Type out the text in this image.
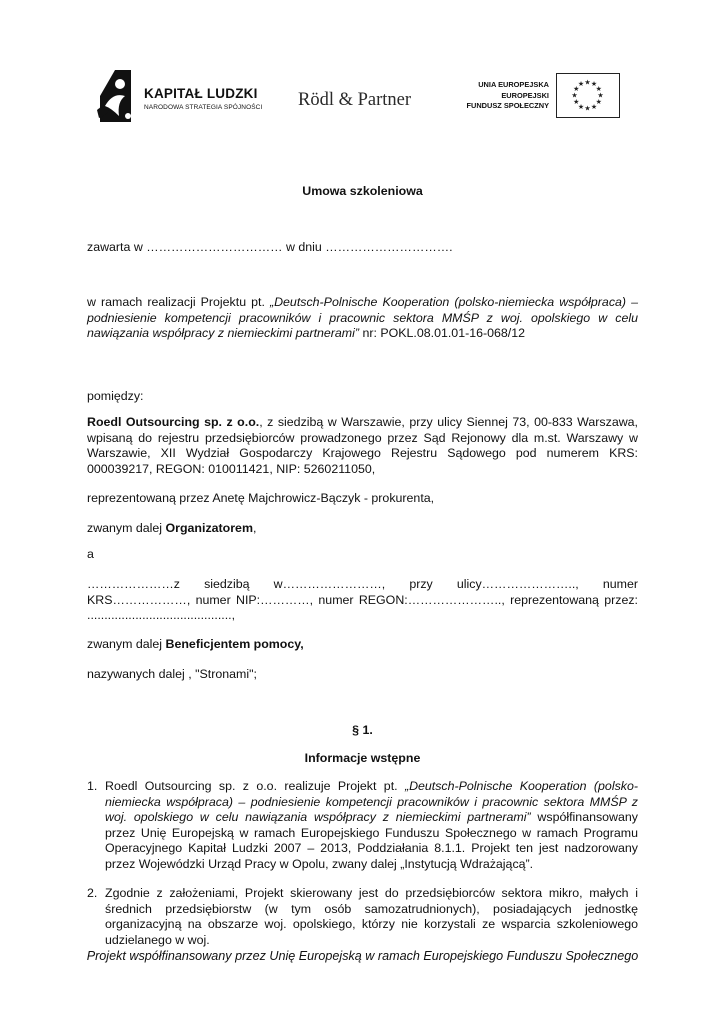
KAPITAŁ LUDZKI
NARODOWA STRATEGIA SPÓJNOŚCI Rödl & Partner
UNIA EUROPEJSKA
EUROPEJSKI
FUNDUSZ SPOŁECZNY
★ ★
★
★
★
★
★
★
★
★
★
★
Umowa szkoleniowa

zawarta w …………………………… w dniu ………………………….

w ramach realizacji Projektu pt. „Deutsch-Polnische Kooperation (polsko-niemiecka współpraca) – podniesienie kompetencji pracowników i pracownic sektora MMŚP z woj. opolskiego w celu nawiązania współpracy z niemieckimi partnerami” nr: POKL.08.01.01-16-068/12

pomiędzy:

Roedl Outsourcing sp. z o.o., z siedzibą w Warszawie, przy ulicy Siennej 73, 00-833 Warszawa, wpisaną do rejestru przedsiębiorców prowadzonego przez Sąd Rejonowy dla m.st. Warszawy w Warszawie, XII Wydział Gospodarczy Krajowego Rejestru Sądowego pod numerem KRS: 000039217, REGON: 010011421, NIP: 5260211050,

reprezentowaną przez Anetę Majchrowicz-Bączyk - prokurenta,

zwanym dalej Organizatorem,

a

…………………z siedzibą w……………………, przy ulicy………………….., numer KRS………………, numer NIP:…………, numer REGON:………………….., reprezentowaną przez: ..........................................,

zwanym dalej Beneficjentem pomocy,

nazywanych dalej , "Stronami";

§ 1.

Informacje wstępne

1. Roedl Outsourcing sp. z o.o. realizuje Projekt pt. „Deutsch-Polnische Kooperation (polsko-niemiecka współpraca) – podniesienie kompetencji pracowników i pracownic sektora MMŚP z woj. opolskiego w celu nawiązania współpracy z niemieckimi partnerami” współfinansowany przez Unię Europejską w ramach Europejskiego Funduszu Społecznego w ramach Programu Operacyjnego Kapitał Ludzki 2007 – 2013, Poddziałania 8.1.1. Projekt ten jest nadzorowany przez Wojewódzki Urząd Pracy w Opolu, zwany dalej „Instytucją Wdrażającą”.

2. Zgodnie z założeniami, Projekt skierowany jest do przedsiębiorców sektora mikro, małych i średnich przedsiębiorstw (w tym osób samozatrudnionych), posiadających jednostkę organizacyjną na obszarze woj. opolskiego, którzy nie korzystali ze wsparcia szkoleniowego udzielanego w woj.

Projekt współfinansowany przez Unię Europejską w ramach Europejskiego Funduszu Społecznego
